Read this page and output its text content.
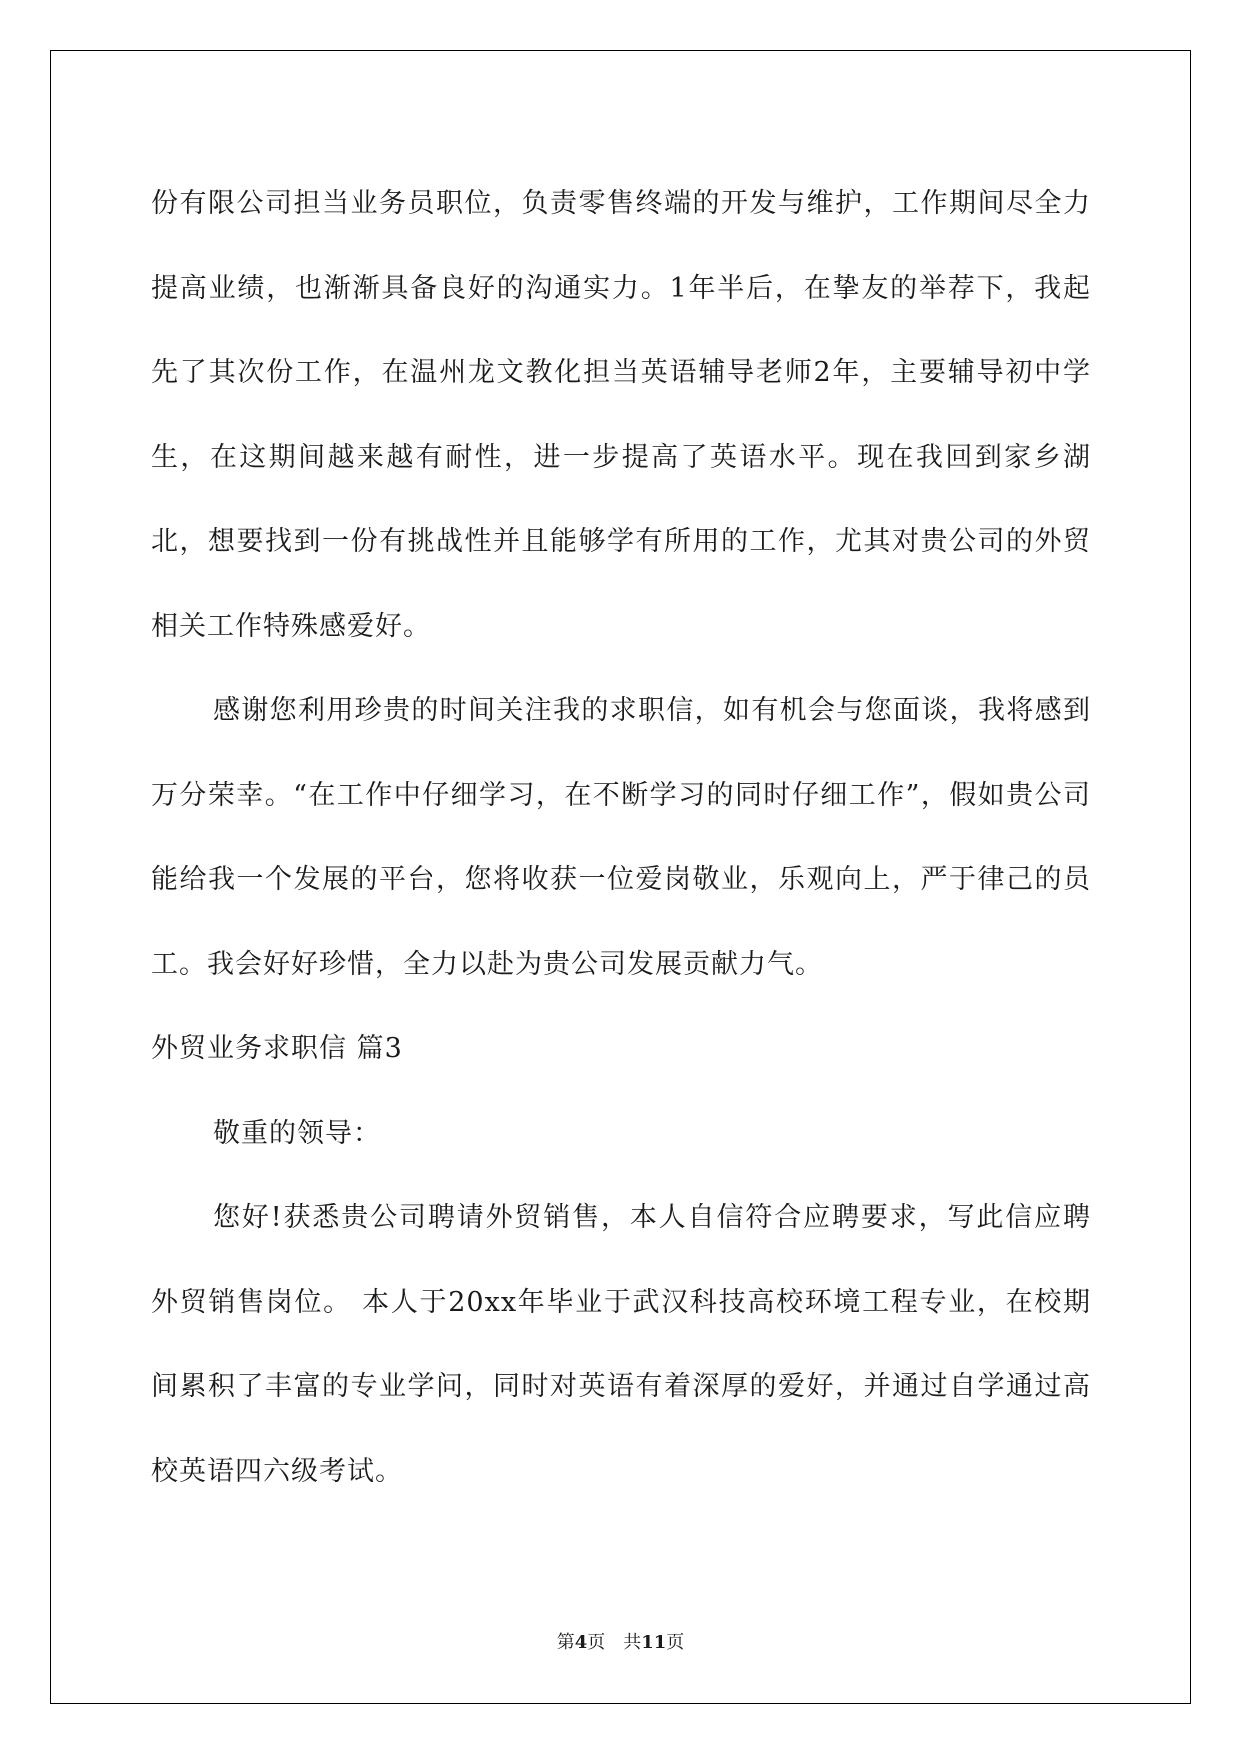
份有限公司担当业务员职位，负责零售终端的开发与维护，工作期间尽全力提高业绩，也渐渐具备良好的沟通实力。1年半后，在挚友的举荐下，我起先了其次份工作，在温州龙文教化担当英语辅导老师2年，主要辅导初中学生，在这期间越来越有耐性，进一步提高了英语水平。现在我回到家乡湖北，想要找到一份有挑战性并且能够学有所用的工作，尤其对贵公司的外贸相关工作特殊感爱好。

感谢您利用珍贵的时间关注我的求职信，如有机会与您面谈，我将感到万分荣幸。“在工作中仔细学习，在不断学习的同时仔细工作”，假如贵公司能给我一个发展的平台，您将收获一位爱岗敬业，乐观向上，严于律己的员工。我会好好珍惜，全力以赴为贵公司发展贡献力气。

外贸业务求职信 篇3

敬重的领导：

您好!获悉贵公司聘请外贸销售，本人自信符合应聘要求，写此信应聘外贸销售岗位。 本人于20xx年毕业于武汉科技高校环境工程专业，在校期间累积了丰富的专业学问，同时对英语有着深厚的爱好，并通过自学通过高校英语四六级考试。

第4页 共11页
